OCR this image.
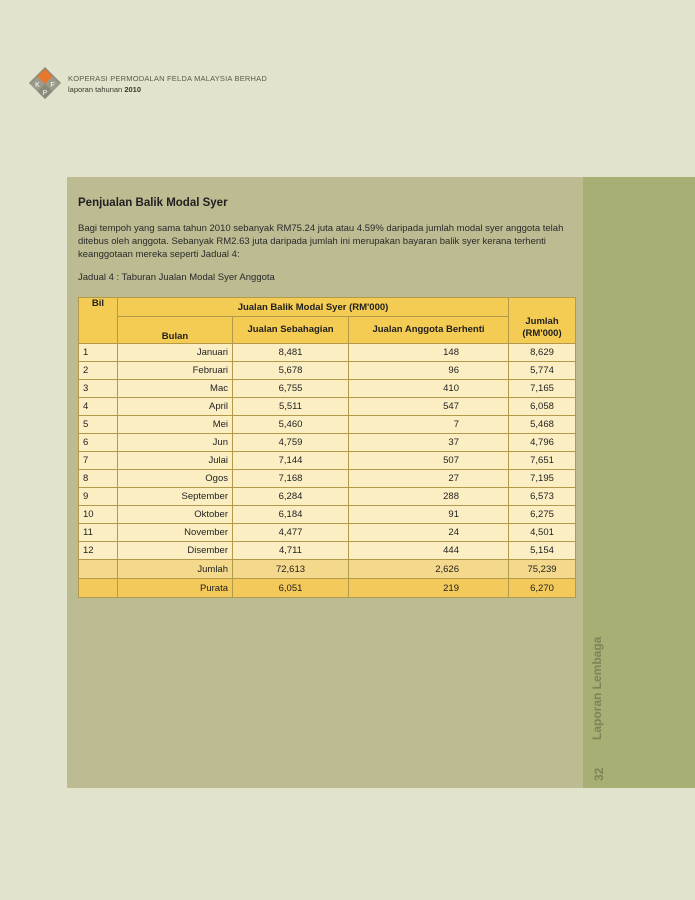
K F
P
KOPERASI PERMODALAN FELDA MALAYSIA BERHAD
laporan tahunan 2010
Laporan Lembaga
32
Penjualan Balik Modal Syer
Bagi tempoh yang sama tahun 2010 sebanyak RM75.24 juta atau 4.59% daripada jumlah modal syer anggota telah ditebus oleh anggota. Sebanyak RM2.63 juta daripada jumlah ini merupakan bayaran balik syer kerana terhenti keanggotaan mereka seperti Jadual 4:
Jadual 4 : Taburan Jualan Modal Syer Anggota
Bil	Jualan Balik Modal Syer (RM'000)			Jumlah (RM'000)
	Bulan	Jualan Sebahagian	Jualan Anggota Berhenti	
1	Januari	8,481	148	8,629
2	Februari	5,678	96	5,774
3	Mac	6,755	410	7,165
4	April	5,511	547	6,058
5	Mei	5,460	7	5,468
6	Jun	4,759	37	4,796
7	Julai	7,144	507	7,651
8	Ogos	7,168	27	7,195
9	September	6,284	288	6,573
10	Oktober	6,184	91	6,275
11	November	4,477	24	4,501
12	Disember	4,711	444	5,154
	Jumlah	72,613	2,626	75,239
	Purata	6,051	219	6,270
